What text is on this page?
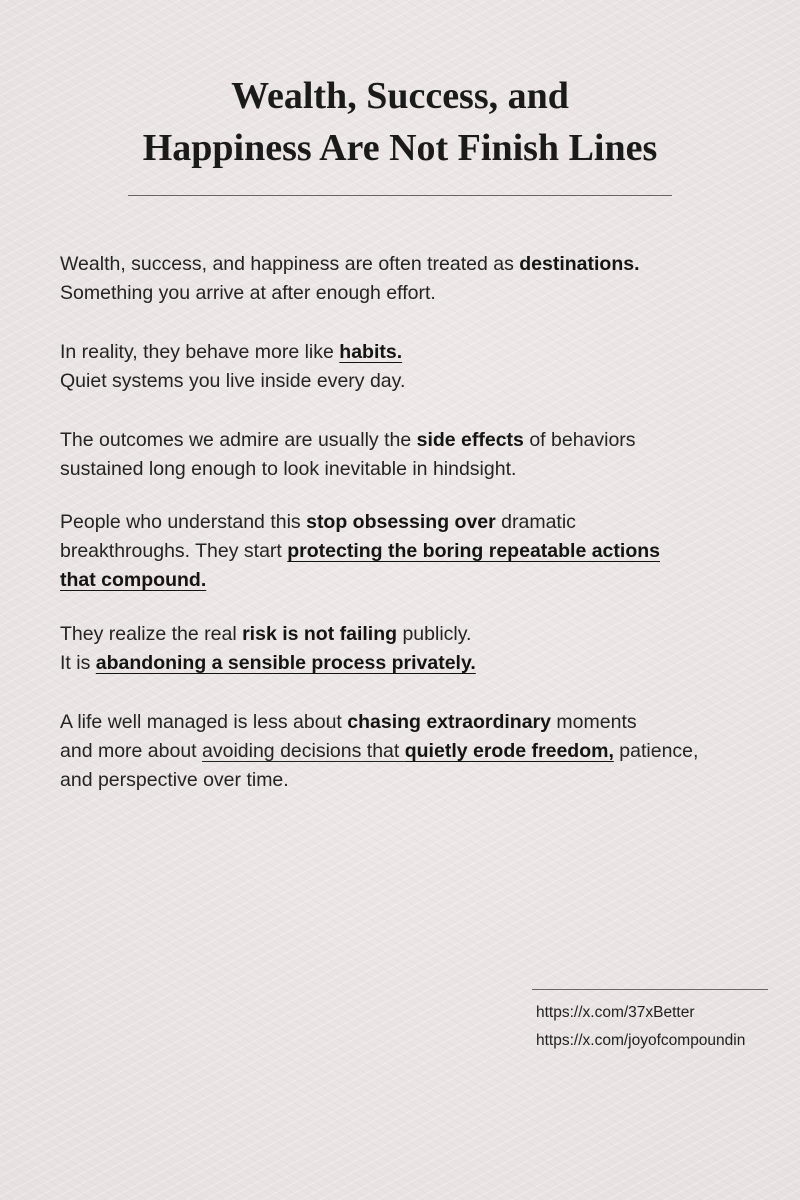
Wealth, Success, and
Happiness Are Not Finish Lines

Wealth, success, and happiness are often treated as destinations.
Something you arrive at after enough effort.

In reality, they behave more like habits.
Quiet systems you live inside every day.

The outcomes we admire are usually the side effects of behaviors
sustained long enough to look inevitable in hindsight.

People who understand this stop obsessing over dramatic
breakthroughs. They start protecting the boring repeatable actions
that compound.

They realize the real risk is not failing publicly.
It is abandoning a sensible process privately.

A life well managed is less about chasing extraordinary moments
and more about avoiding decisions that quietly erode freedom, patience,
and perspective over time.

https://x.com/37xBetter
https://x.com/joyofcompoundin
